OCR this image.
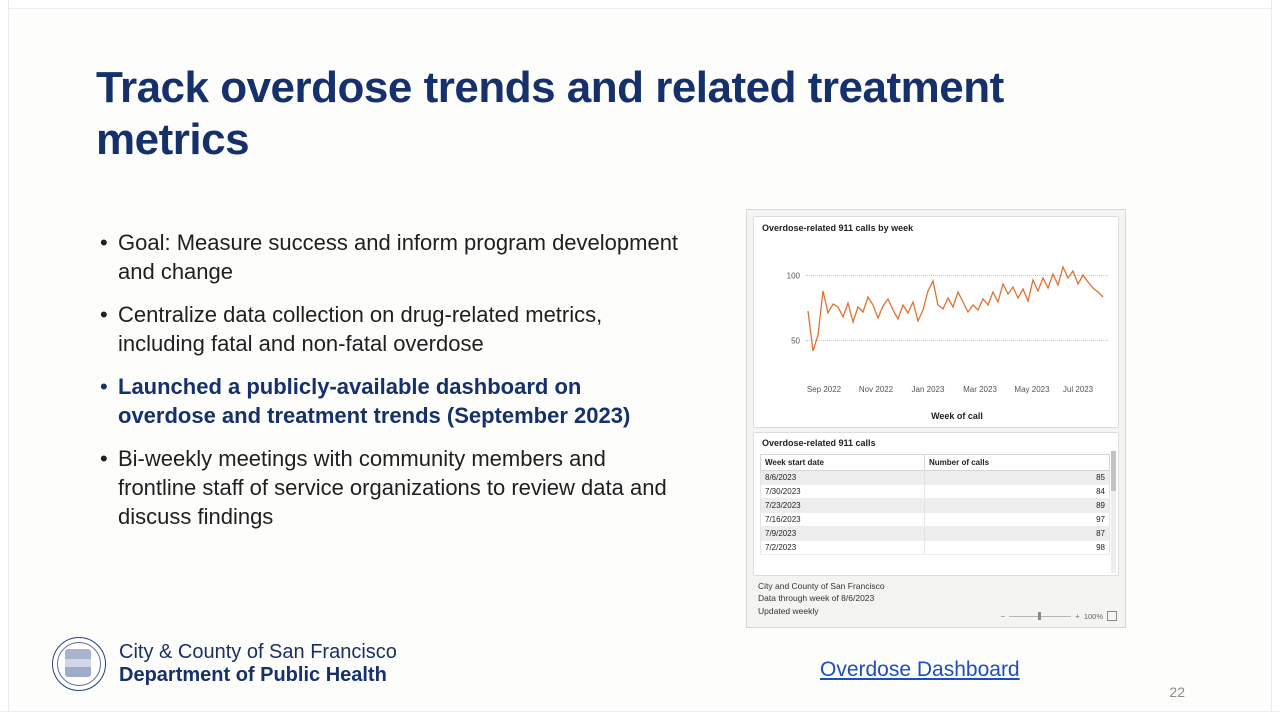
Track overdose trends and related treatment metrics
• Goal: Measure success and inform program development and change
• Centralize data collection on drug-related metrics, including fatal and non-fatal overdose
• Launched a publicly-available dashboard on overdose and treatment trends (September 2023)
• Bi-weekly meetings with community members and frontline staff of service organizations to review data and discuss findings
Overdose-related 911 calls by week
100
50
Sep 2022 Nov 2022 Jan 2023 Mar 2023 May 2023 Jul 2023
Week of call
Overdose-related 911 calls
Week start date	Number of calls
8/6/2023	85
7/30/2023	84
7/23/2023	89
7/16/2023	97
7/9/2023	87
7/2/2023	98
City and County of San Francisco
Data through week of 8/6/2023
Updated weekly
−	+ 100%
Overdose Dashboard
City & County of San Francisco
Department of Public Health
22
